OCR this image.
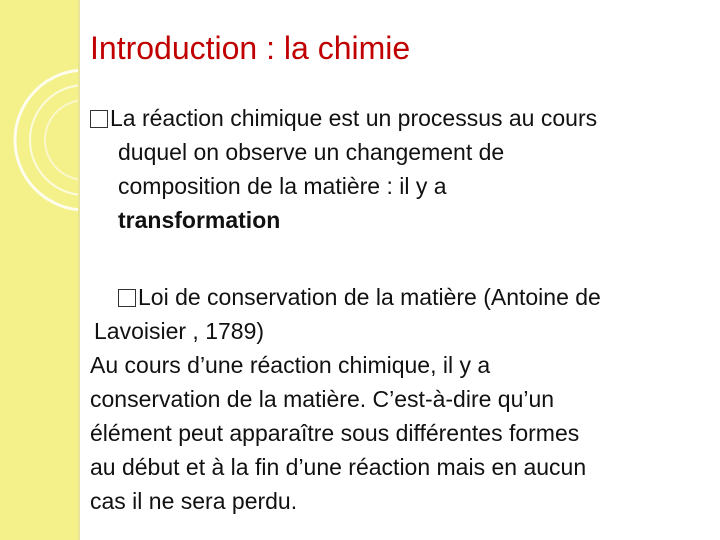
Introduction : la chimie
La réaction chimique est un processus au cours
duquel on observe un changement de
composition de la matière : il y a
transformation
Loi de conservation de la matière (Antoine de
Lavoisier , 1789)
Au cours d’une réaction chimique, il y a
conservation de la matière. C’est-à-dire qu’un
élément peut apparaître sous différentes formes
au début et à la fin d’une réaction mais en aucun
cas il ne sera perdu.
